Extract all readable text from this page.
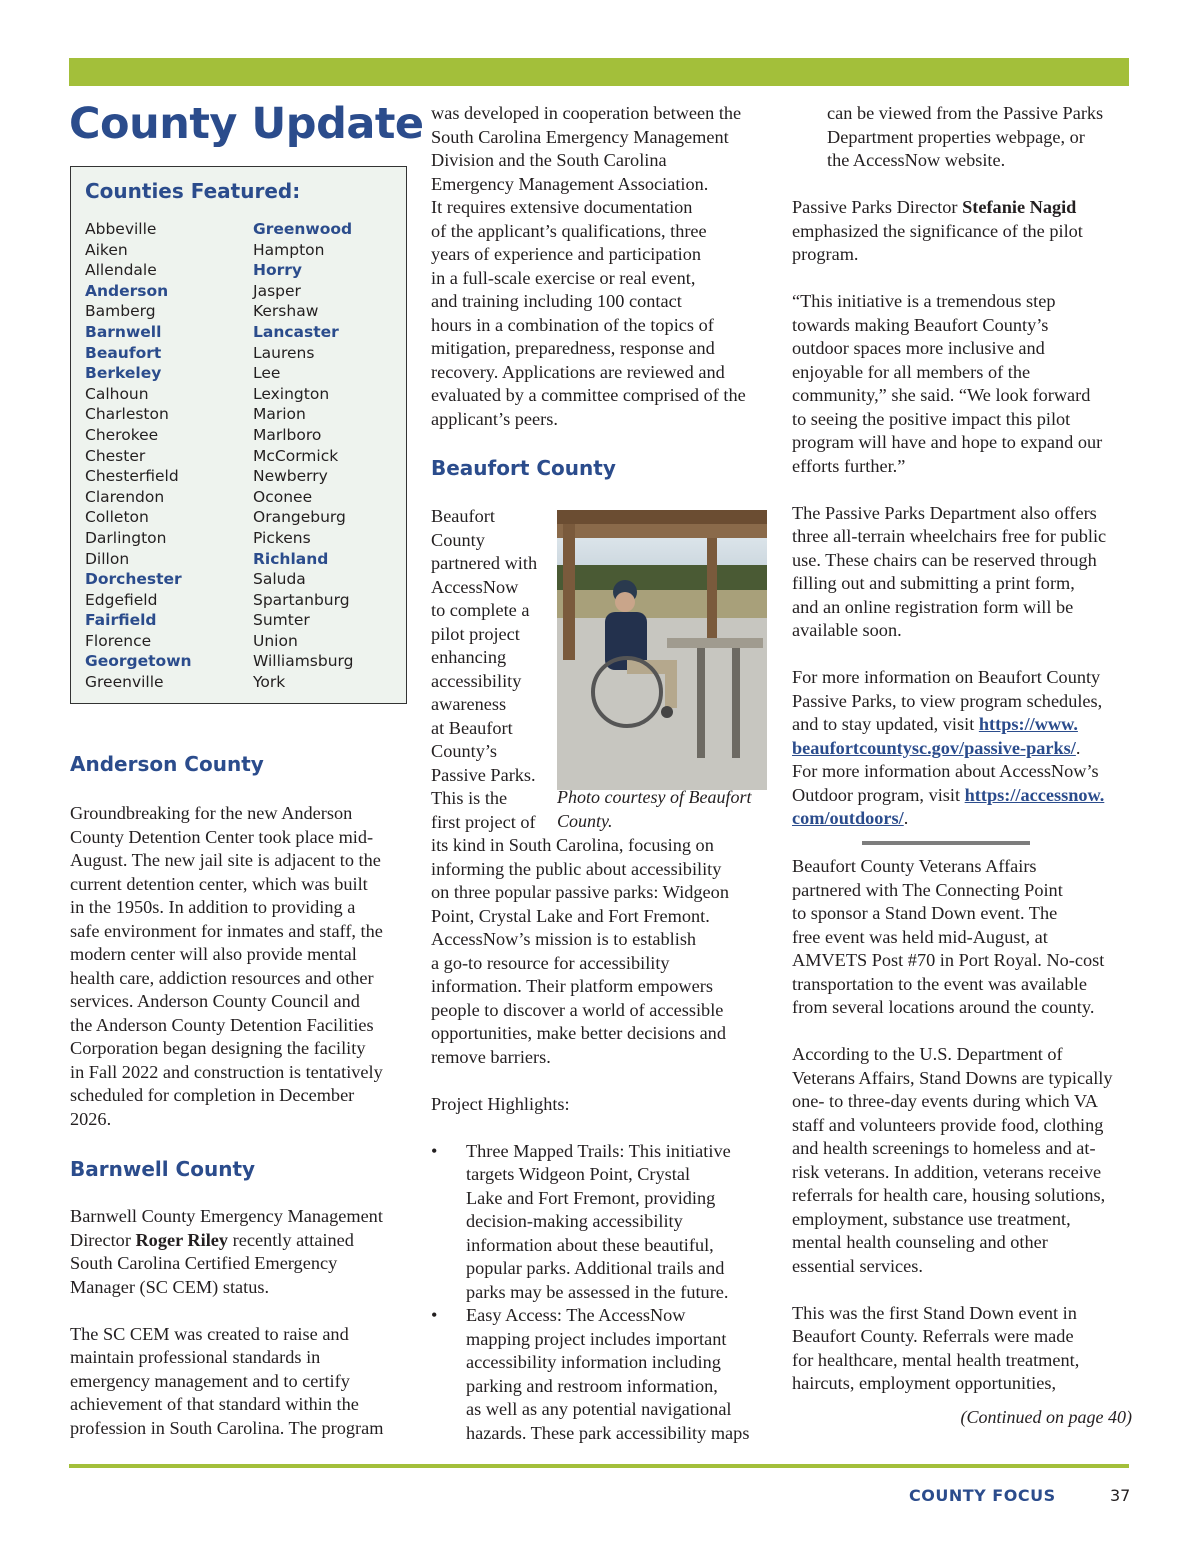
County Update
Counties Featured:
Abbeville
Aiken
Allendale
Anderson
Bamberg
Barnwell
Beaufort
Berkeley
Calhoun
Charleston
Cherokee
Chester
Chesterfield
Clarendon
Colleton
Darlington
Dillon
Dorchester
Edgefield
Fairfield
Florence
Georgetown
Greenville
Greenwood
Hampton
Horry
Jasper
Kershaw
Lancaster
Laurens
Lee
Lexington
Marion
Marlboro
McCormick
Newberry
Oconee
Orangeburg
Pickens
Richland
Saluda
Spartanburg
Sumter
Union
Williamsburg
York
Anderson County
Groundbreaking for the new Anderson
County Detention Center took place mid-
August. The new jail site is adjacent to the
current detention center, which was built
in the 1950s. In addition to providing a
safe environment for inmates and staff, the
modern center will also provide mental
health care, addiction resources and other
services. Anderson County Council and
the Anderson County Detention Facilities
Corporation began designing the facility
in Fall 2022 and construction is tentatively
scheduled for completion in December
2026.
Barnwell County
Barnwell County Emergency Management
Director Roger Riley recently attained
South Carolina Certified Emergency
Manager (SC CEM) status.
The SC CEM was created to raise and
maintain professional standards in
emergency management and to certify
achievement of that standard within the
profession in South Carolina. The program
was developed in cooperation between the
South Carolina Emergency Management
Division and the South Carolina
Emergency Management Association.
It requires extensive documentation
of the applicant’s qualifications, three
years of experience and participation
in a full-scale exercise or real event,
and training including 100 contact
hours in a combination of the topics of
mitigation, preparedness, response and
recovery. Applications are reviewed and
evaluated by a committee comprised of the
applicant’s peers.
Beaufort County
Beaufort
County
partnered with
AccessNow
to complete a
pilot project
enhancing
accessibility
awareness
at Beaufort
County’s
Passive Parks.
This is the
first project of

Photo courtesy of Beaufort County.

its kind in South Carolina, focusing on
informing the public about accessibility
on three popular passive parks: Widgeon
Point, Crystal Lake and Fort Fremont.
AccessNow’s mission is to establish
a go-to resource for accessibility
information. Their platform empowers
people to discover a world of accessible
opportunities, make better decisions and
remove barriers.
Project Highlights:
• Three Mapped Trails: This initiative
targets Widgeon Point, Crystal
Lake and Fort Fremont, providing
decision-making accessibility
information about these beautiful,
popular parks. Additional trails and
parks may be assessed in the future.
• Easy Access: The AccessNow
mapping project includes important
accessibility information including
parking and restroom information,
as well as any potential navigational
hazards. These park accessibility maps
can be viewed from the Passive Parks
Department properties webpage, or
the AccessNow website.
Passive Parks Director Stefanie Nagid
emphasized the significance of the pilot
program.
“This initiative is a tremendous step
towards making Beaufort County’s
outdoor spaces more inclusive and
enjoyable for all members of the
community,” she said. “We look forward
to seeing the positive impact this pilot
program will have and hope to expand our
efforts further.”
The Passive Parks Department also offers
three all-terrain wheelchairs free for public
use. These chairs can be reserved through
filling out and submitting a print form,
and an online registration form will be
available soon.
For more information on Beaufort County
Passive Parks, to view program schedules,
and to stay updated, visit https://www.
beaufortcountysc.gov/passive-parks/.
For more information about AccessNow’s
Outdoor program, visit https://accessnow.
com/outdoors/.
Beaufort County Veterans Affairs
partnered with The Connecting Point
to sponsor a Stand Down event. The
free event was held mid-August, at
AMVETS Post #70 in Port Royal. No-cost
transportation to the event was available
from several locations around the county.
According to the U.S. Department of
Veterans Affairs, Stand Downs are typically
one- to three-day events during which VA
staff and volunteers provide food, clothing
and health screenings to homeless and at-
risk veterans. In addition, veterans receive
referrals for health care, housing solutions,
employment, substance use treatment,
mental health counseling and other
essential services.
This was the first Stand Down event in
Beaufort County. Referrals were made
for healthcare, mental health treatment,
haircuts, employment opportunities,

(Continued on page 40)

COUNTY FOCUS	37
